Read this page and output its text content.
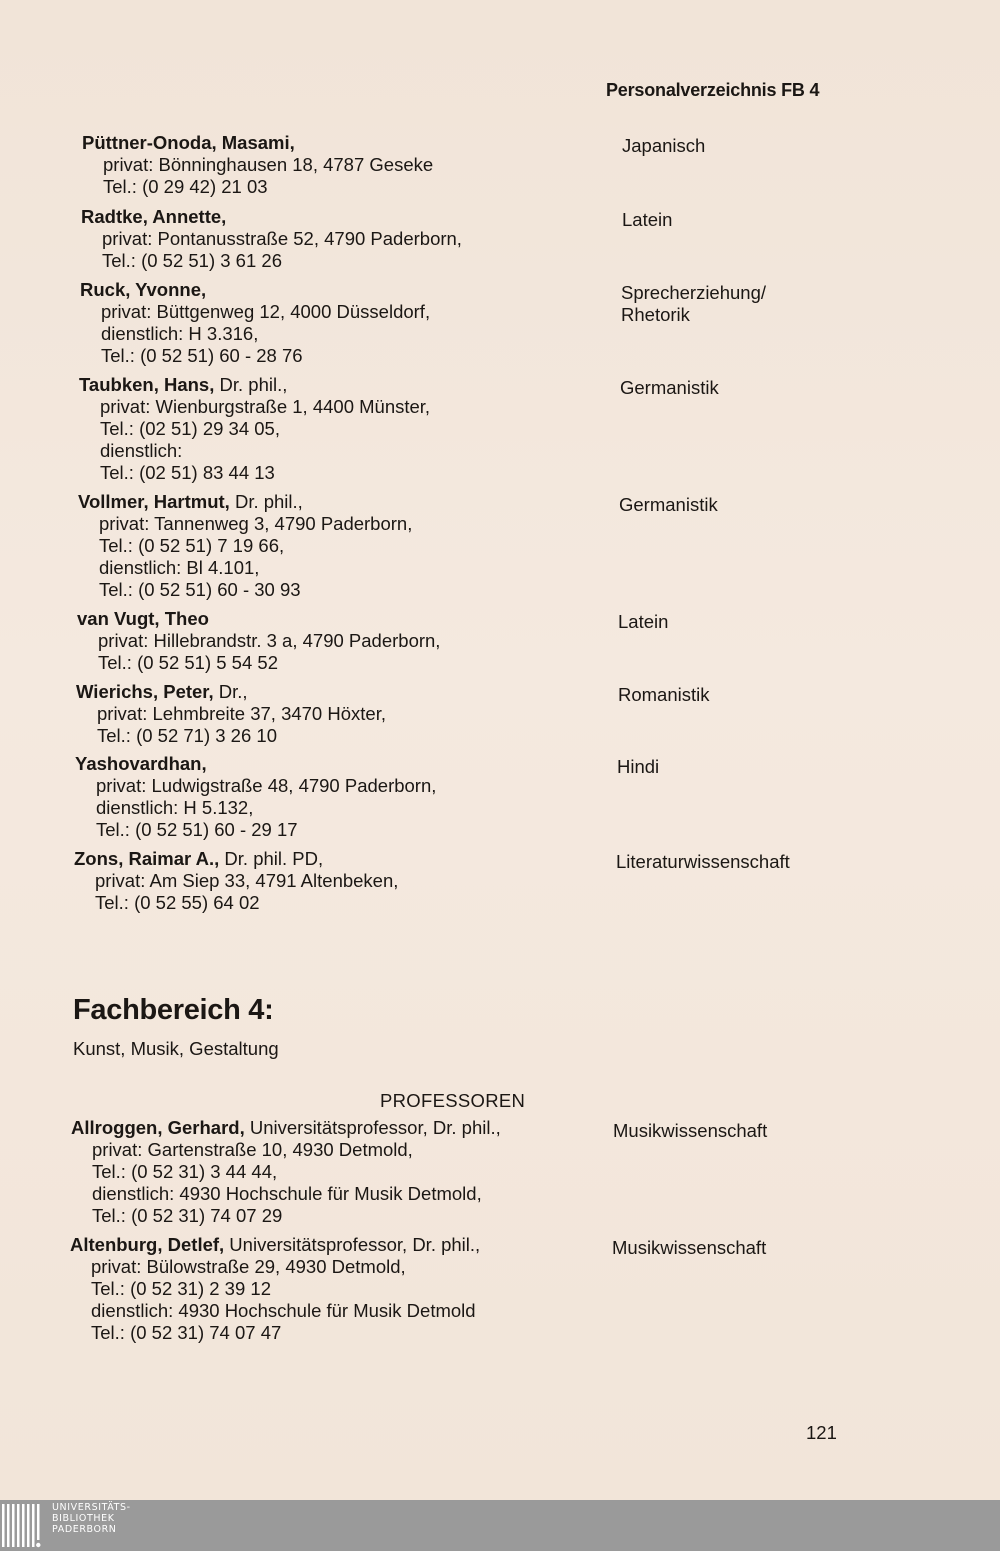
Personalverzeichnis FB 4
Püttner-Onoda, Masami,
privat: Bönninghausen 18, 4787 Geseke
Tel.: (0 29 42) 21 03
Japanisch
Radtke, Annette,
privat: Pontanusstraße 52, 4790 Paderborn,
Tel.: (0 52 51) 3 61 26
Latein
Ruck, Yvonne,
privat: Büttgenweg 12, 4000 Düsseldorf,
dienstlich: H 3.316,
Tel.: (0 52 51) 60 - 28 76
Sprecherziehung/
Rhetorik
Taubken, Hans, Dr. phil.,
privat: Wienburgstraße 1, 4400 Münster,
Tel.: (02 51) 29 34 05,
dienstlich:
Tel.: (02 51) 83 44 13
Germanistik
Vollmer, Hartmut, Dr. phil.,
privat: Tannenweg 3, 4790 Paderborn,
Tel.: (0 52 51) 7 19 66,
dienstlich: Bl 4.101,
Tel.: (0 52 51) 60 - 30 93
Germanistik
van Vugt, Theo
privat: Hillebrandstr. 3 a, 4790 Paderborn,
Tel.: (0 52 51) 5 54 52
Latein
Wierichs, Peter, Dr.,
privat: Lehmbreite 37, 3470 Höxter,
Tel.: (0 52 71) 3 26 10
Romanistik
Yashovardhan,
privat: Ludwigstraße 48, 4790 Paderborn,
dienstlich: H 5.132,
Tel.: (0 52 51) 60 - 29 17
Hindi
Zons, Raimar A., Dr. phil. PD,
privat: Am Siep 33, 4791 Altenbeken,
Tel.: (0 52 55) 64 02
Literaturwissenschaft
Fachbereich 4:
Kunst, Musik, Gestaltung
PROFESSOREN
Allroggen, Gerhard, Universitätsprofessor, Dr. phil.,
privat: Gartenstraße 10, 4930 Detmold,
Tel.: (0 52 31) 3 44 44,
dienstlich: 4930 Hochschule für Musik Detmold,
Tel.: (0 52 31) 74 07 29
Musikwissenschaft
Altenburg, Detlef, Universitätsprofessor, Dr. phil.,
privat: Bülowstraße 29, 4930 Detmold,
Tel.: (0 52 31) 2 39 12
dienstlich: 4930 Hochschule für Musik Detmold
Tel.: (0 52 31) 74 07 47
Musikwissenschaft
121
UNIVERSITÄTS-
BIBLIOTHEK
PADERBORN
